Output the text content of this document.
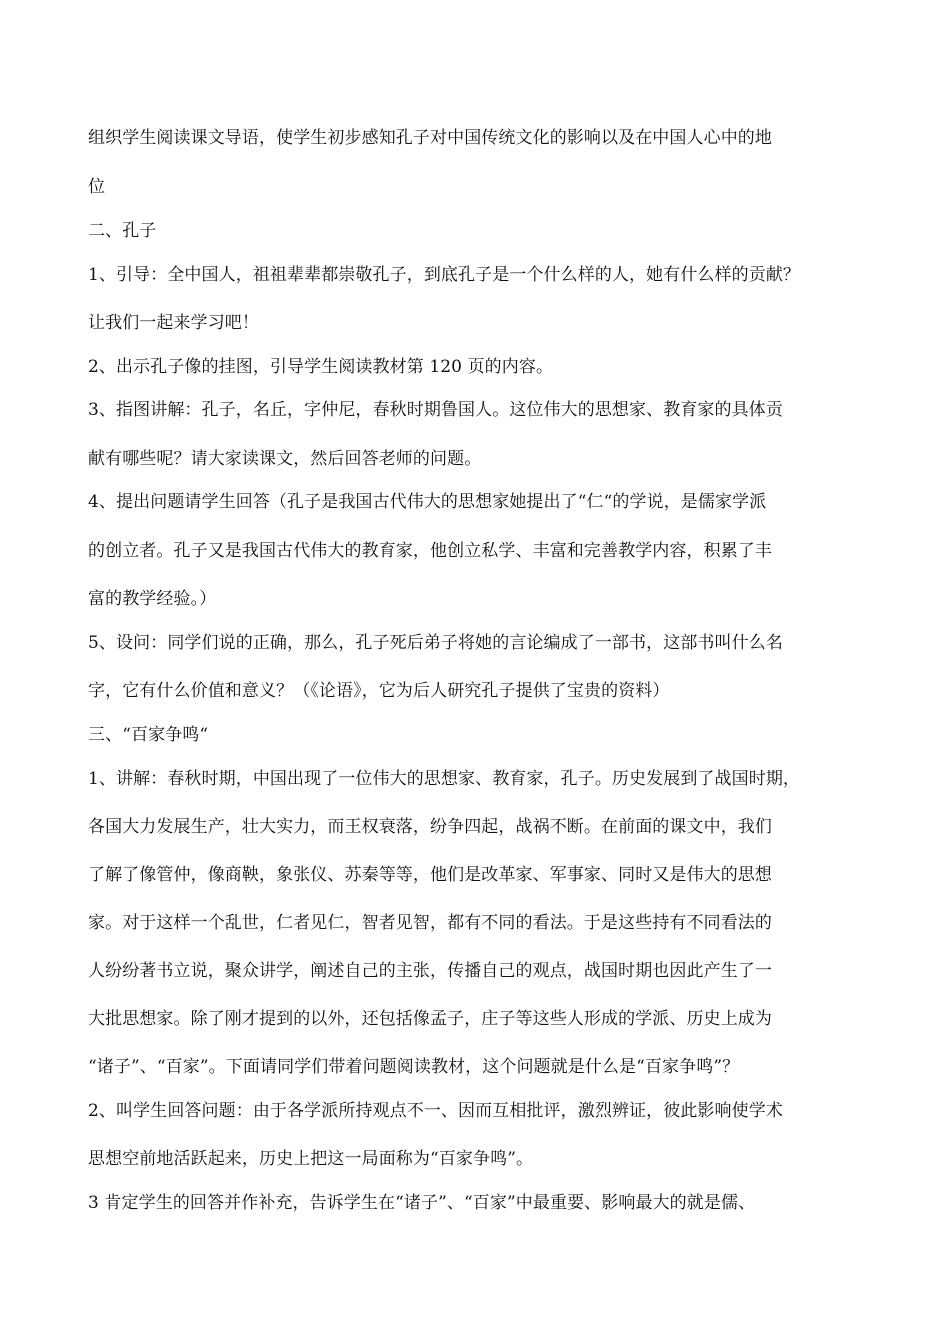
组织学生阅读课文导语，使学生初步感知孔子对中国传统文化的影响以及在中国人心中的地
位
二、孔子
1、引导：全中国人，祖祖辈辈都崇敬孔子，到底孔子是一个什么样的人，她有什么样的贡献？
让我们一起来学习吧！
2、出示孔子像的挂图，引导学生阅读教材第 120 页的内容。
3、指图讲解：孔子，名丘，字仲尼，春秋时期鲁国人。这位伟大的思想家、教育家的具体贡
献有哪些呢？请大家读课文，然后回答老师的问题。
4、提出问题请学生回答（孔子是我国古代伟大的思想家她提出了“仁“的学说，是儒家学派
的创立者。孔子又是我国古代伟大的教育家，他创立私学、丰富和完善教学内容，积累了丰
富的教学经验。）
5、设问：同学们说的正确，那么，孔子死后弟子将她的言论编成了一部书，这部书叫什么名
字，它有什么价值和意义？（《论语》，它为后人研究孔子提供了宝贵的资料）
三、“百家争鸣“
1、讲解：春秋时期，中国出现了一位伟大的思想家、教育家，孔子。历史发展到了战国时期，
各国大力发展生产，壮大实力，而王权衰落，纷争四起，战祸不断。在前面的课文中，我们
了解了像管仲，像商鞅，象张仪、苏秦等等，他们是改革家、军事家、同时又是伟大的思想
家。对于这样一个乱世，仁者见仁，智者见智，都有不同的看法。于是这些持有不同看法的
人纷纷著书立说，聚众讲学，阐述自己的主张，传播自己的观点，战国时期也因此产生了一
大批思想家。除了刚才提到的以外，还包括像孟子，庄子等这些人形成的学派、历史上成为
“诸子”、“百家”。下面请同学们带着问题阅读教材，这个问题就是什么是“百家争鸣”？
2、叫学生回答问题：由于各学派所持观点不一、因而互相批评，激烈辨证，彼此影响使学术
思想空前地活跃起来，历史上把这一局面称为“百家争鸣”。
3 肯定学生的回答并作补充，告诉学生在“诸子”、“百家”中最重要、影响最大的就是儒、
